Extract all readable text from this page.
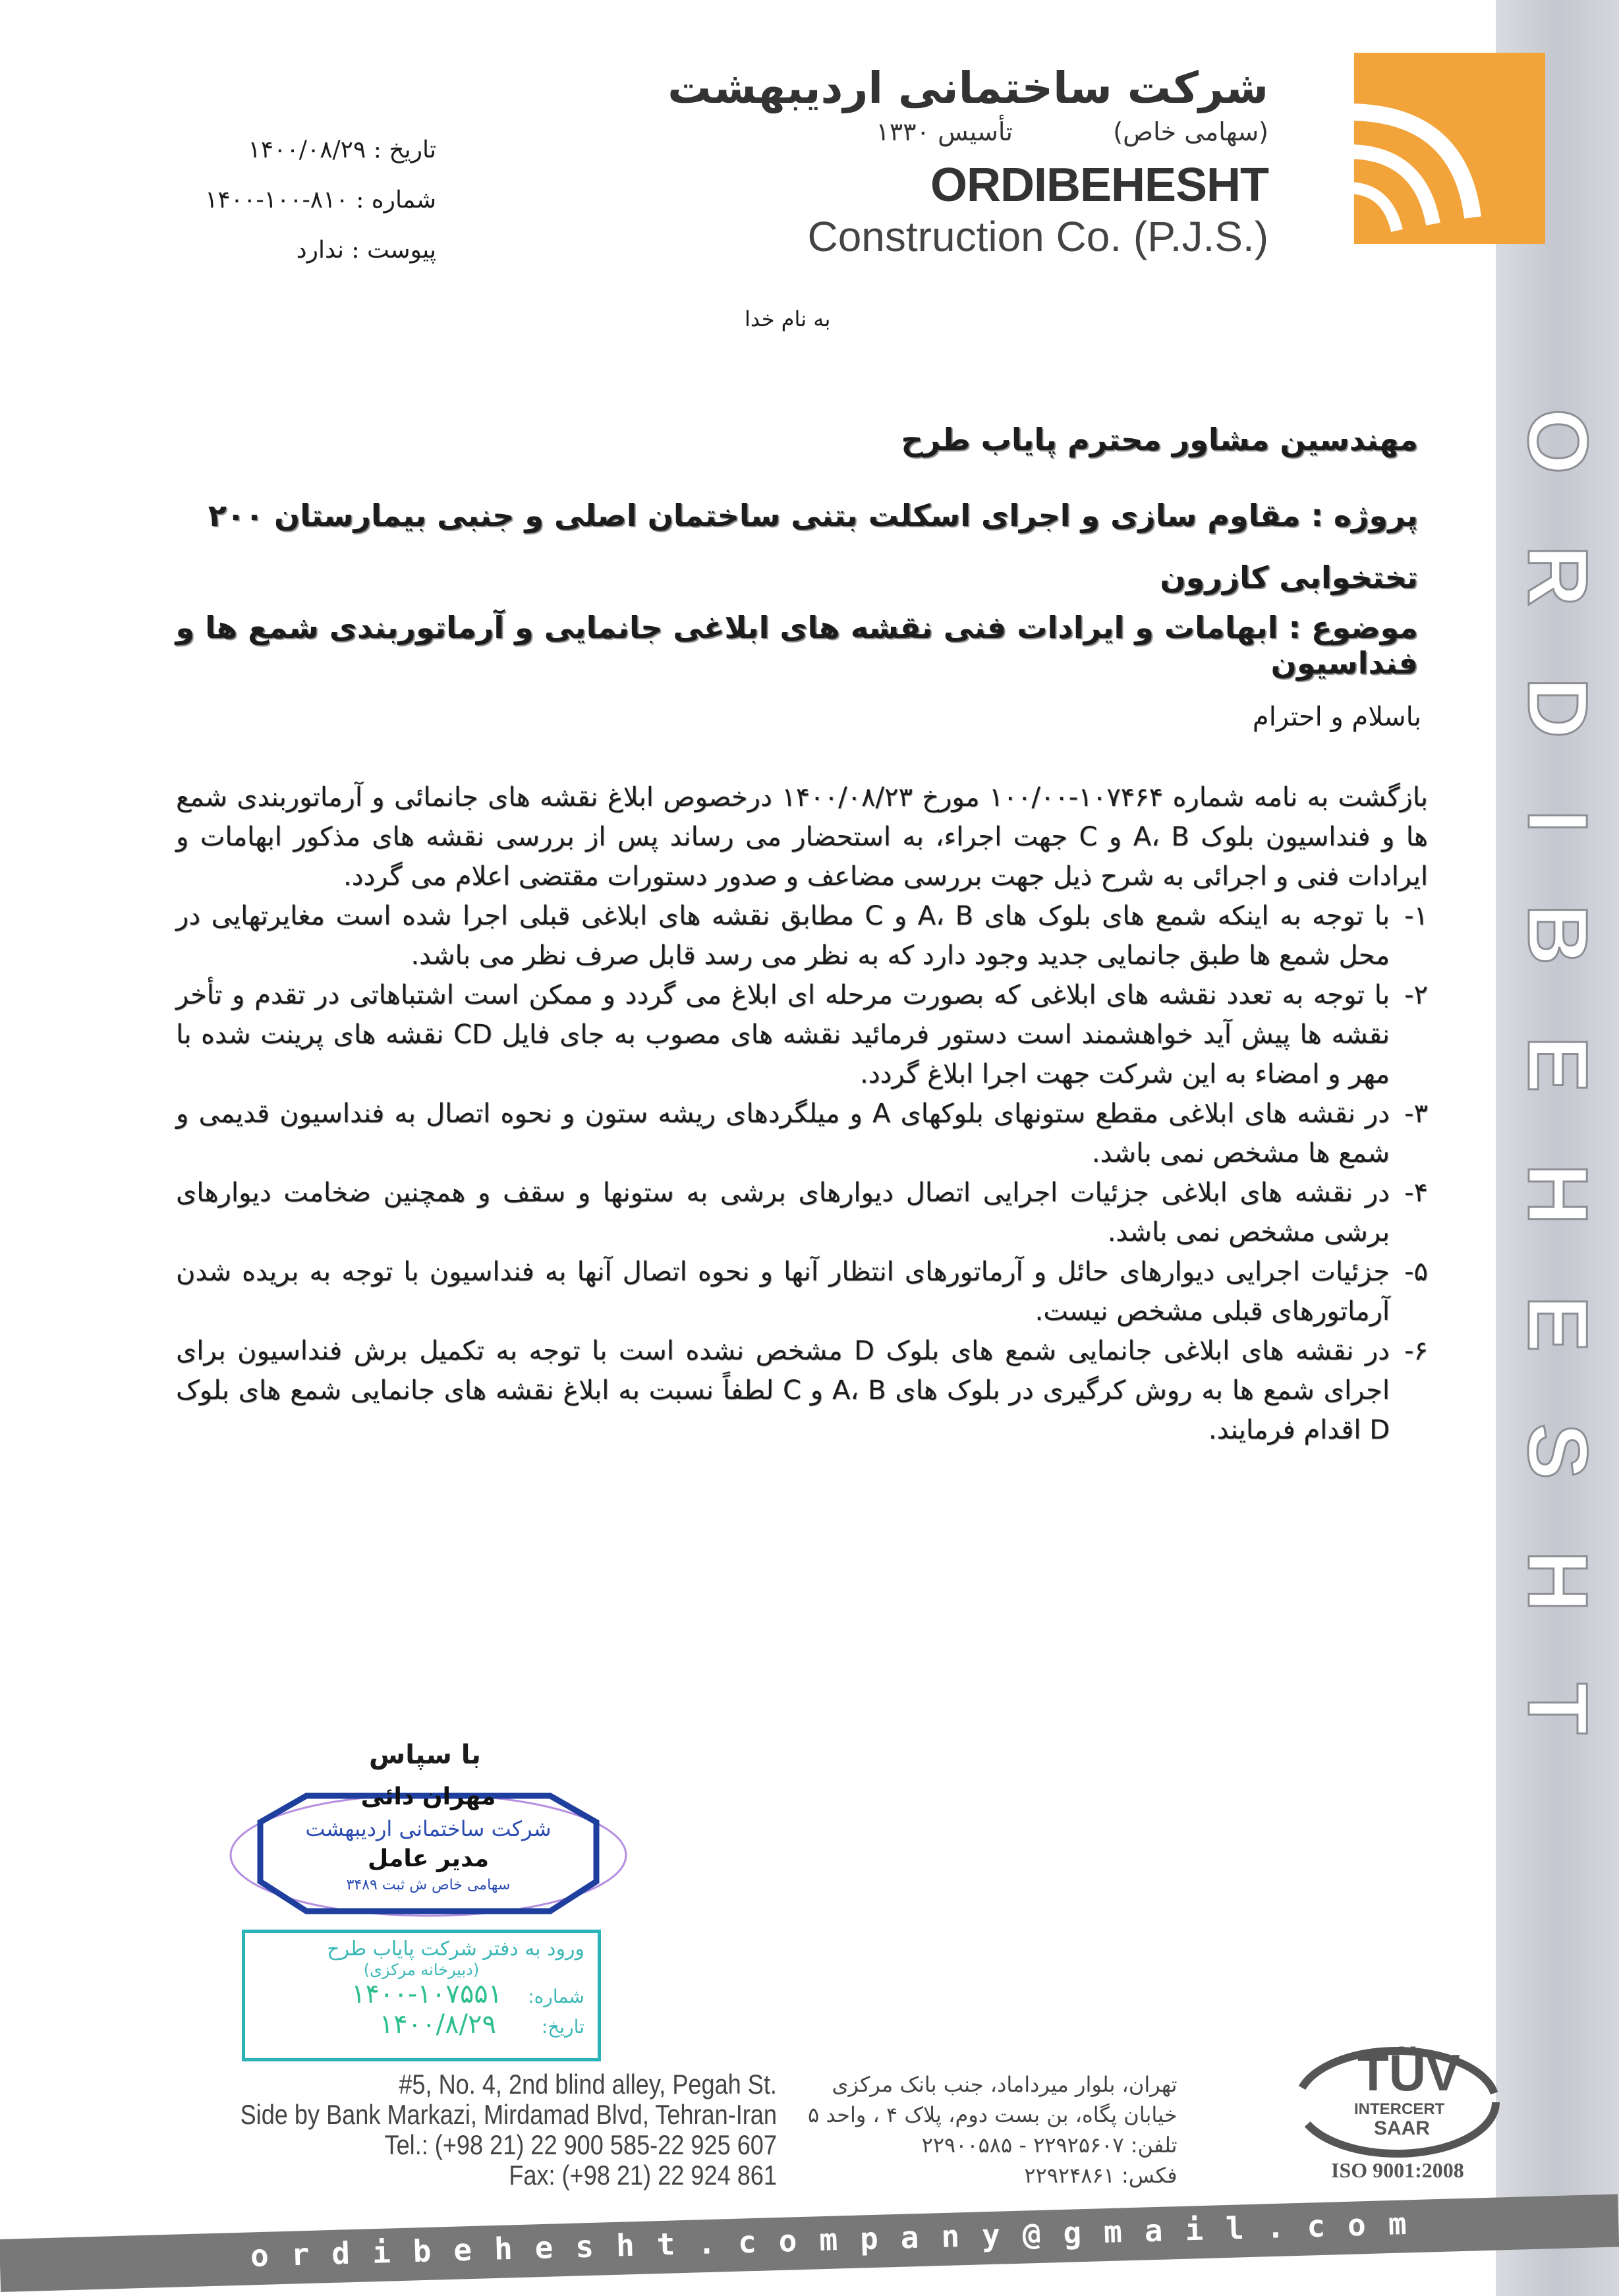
ORDIBEHESHT
شرکت ساختمانی اردیبهشت
(سهامی خاص)
تأسیس ۱۳۳۰
ORDIBEHESHT
Construction Co. (P.J.S.)
تاریخ : ۱۴۰۰/۰۸/۲۹
شماره : ۱۴۰۰-۱۰۰-۸۱۰
پیوست : ندارد
به نام خدا
مهندسین مشاور محترم پایاب طرح
پروژه : مقاوم سازی و اجرای اسکلت بتنی ساختمان اصلی و جنبی بیمارستان ۲۰۰ تختخوابی کازرون
موضوع : ابهامات و ایرادات فنی نقشه های ابلاغی جانمایی و آرماتوربندی شمع ها و فنداسیون
باسلام و احترام

بازگشت به نامه شماره ۱۰۷۴۶۴-۱۰۰/۰۰ مورخ ۱۴۰۰/۰۸/۲۳ درخصوص ابلاغ نقشه های جانمائی و آرماتوربندی شمع ها و فنداسیون بلوک A، B و C جهت اجراء، به استحضار می رساند پس از بررسی نقشه های مذکور ابهامات و ایرادات فنی و اجرائی به شرح ذیل جهت بررسی مضاعف و صدور دستورات مقتضی اعلام می گردد.

۱-
با توجه به اینکه شمع های بلوک های A، B و C مطابق نقشه های ابلاغی قبلی اجرا شده است مغایرتهایی در محل شمع ها طبق جانمایی جدید وجود دارد که به نظر می رسد قابل صرف نظر می باشد.
۲-
با توجه به تعدد نقشه های ابلاغی که بصورت مرحله ای ابلاغ می گردد و ممکن است اشتباهاتی در تقدم و تأخر نقشه ها پیش آید خواهشمند است دستور فرمائید نقشه های مصوب به جای فایل CD نقشه های پرینت شده با مهر و امضاء به این شرکت جهت اجرا ابلاغ گردد.
۳-
در نقشه های ابلاغی مقطع ستونهای بلوکهای A و میلگردهای ریشه ستون و نحوه اتصال به فنداسیون قدیمی و شمع ها مشخص نمی باشد.
۴-
در نقشه های ابلاغی جزئیات اجرایی اتصال دیوارهای برشی به ستونها و سقف و همچنین ضخامت دیوارهای برشی مشخص نمی باشد.
۵-
جزئیات اجرایی دیوارهای حائل و آرماتورهای انتظار آنها و نحوه اتصال آنها به فنداسیون با توجه به بریده شدن آرماتورهای قبلی مشخص نیست.
۶-
در نقشه های ابلاغی جانمایی شمع های بلوک D مشخص نشده است با توجه به تکمیل برش فنداسیون برای اجرای شمع ها به روش کرگیری در بلوک های A، B و C لطفاً نسبت به ابلاغ نقشه های جانمایی شمع های بلوک D اقدام فرمایند.
با سپاس
مهران دائی
شرکت ساختمانی اردیبهشت
مدیر عامل
سهامی خاص ش ثبت ۳۴۸۹
ورود به دفتر شرکت پایاب طرح
(دبیرخانه مرکزی)
شماره: ۱۴۰۰-۱۰۷۵۵۱
تاریخ: ۱۴۰۰/۸/۲۹
#5, No. 4, 2nd blind alley, Pegah St.
Side by Bank Markazi, Mirdamad Blvd, Tehran-Iran
Tel.: (+98 21) 22 900 585-22 925 607
Fax: (+98 21) 22 924 861
تهران، بلوار میرداماد، جنب بانک مرکزی
خیابان پگاه، بن بست دوم، پلاک ۴ ، واحد ۵
تلفن: ۲۲۹۰۰۵۸۵ - ۲۲۹۲۵۶۰۷
فکس: ۲۲۹۲۴۸۶۱
TÜV
INTERCERT
SAAR
ISO 9001:2008
ordibehesht.company@gmail.com
